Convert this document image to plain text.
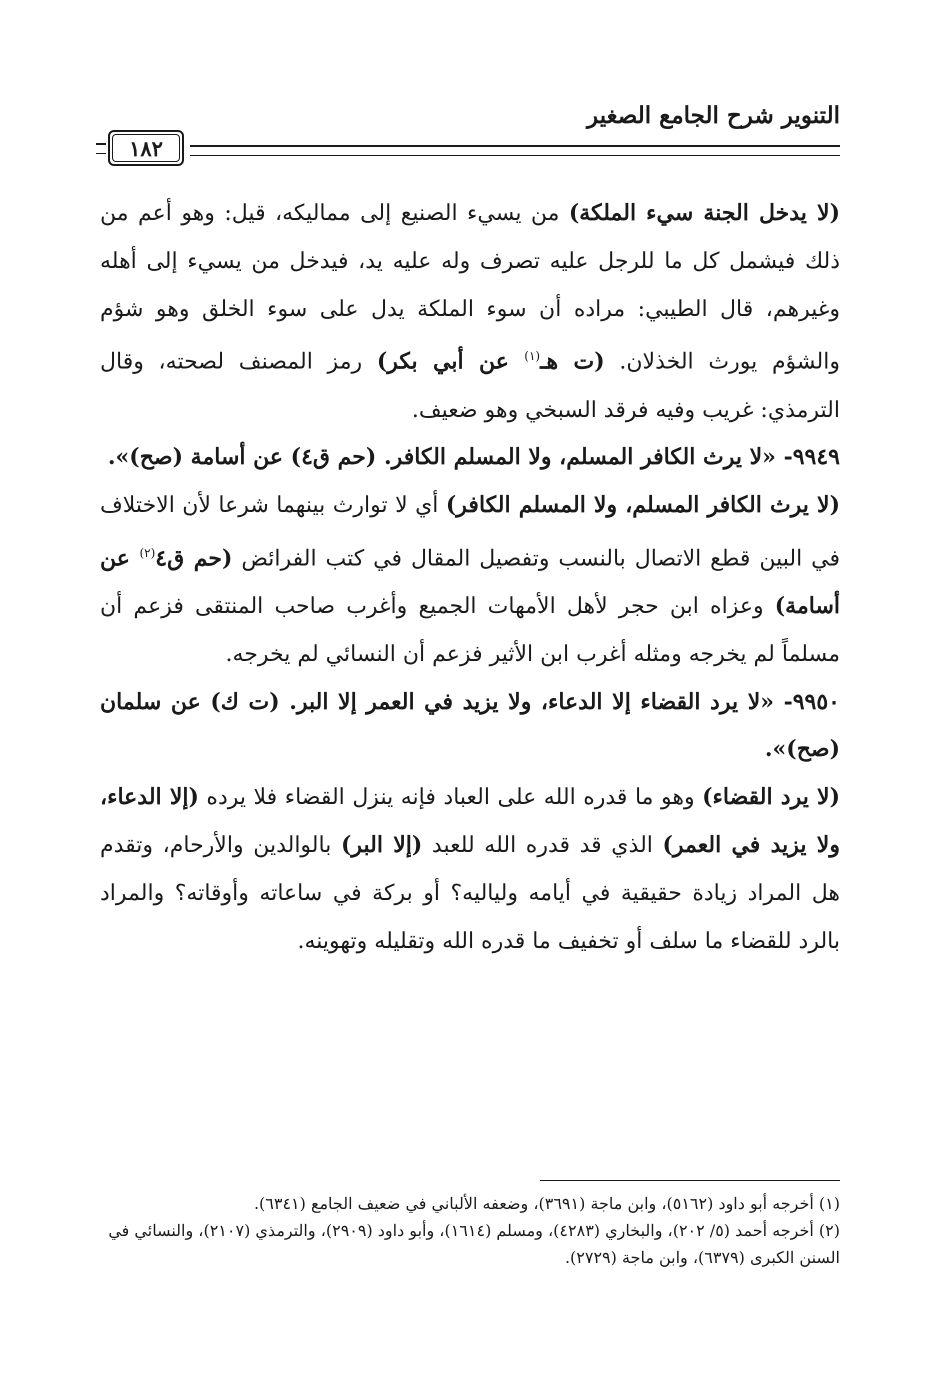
التنوير شرح الجامع الصغير
١٨٢

(لا يدخل الجنة سيء الملكة) من يسيء الصنيع إلى مماليكه، قيل: وهو أعم من ذلك فيشمل كل ما للرجل عليه تصرف وله عليه يد، فيدخل من يسيء إلى أهله وغيرهم، قال الطيبي: مراده أن سوء الملكة يدل على سوء الخلق وهو شؤم والشؤم يورث الخذلان. (ت هـ$^{(١)}$ عن أبي بكر) رمز المصنف لصحته، وقال الترمذي: غريب وفيه فرقد السبخي وهو ضعيف.

٩٩٤٩- «لا يرث الكافر المسلم، ولا المسلم الكافر. (حم ق٤) عن أسامة (صح)».

(لا يرث الكافر المسلم، ولا المسلم الكافر) أي لا توارث بينهما شرعا لأن الاختلاف في البين قطع الاتصال بالنسب وتفصيل المقال في كتب الفرائض (حم ق٤$^{(٢)}$ عن أسامة) وعزاه ابن حجر لأهل الأمهات الجميع وأغرب صاحب المنتقى فزعم أن مسلماً لم يخرجه ومثله أغرب ابن الأثير فزعم أن النسائي لم يخرجه.

٩٩٥٠- «لا يرد القضاء إلا الدعاء، ولا يزيد في العمر إلا البر. (ت ك) عن سلمان (صح)».

(لا يرد القضاء) وهو ما قدره الله على العباد فإنه ينزل القضاء فلا يرده (إلا الدعاء، ولا يزيد في العمر) الذي قد قدره الله للعبد (إلا البر) بالوالدين والأرحام، وتقدم هل المراد زيادة حقيقية في أيامه ولياليه؟ أو بركة في ساعاته وأوقاته؟ والمراد بالرد للقضاء ما سلف أو تخفيف ما قدره الله وتقليله وتهوينه.

(١) أخرجه أبو داود (٥١٦٢)، وابن ماجة (٣٦٩١)، وضعفه الألباني في ضعيف الجامع (٦٣٤١).

(٢) أخرجه أحمد (٥/ ٢٠٢)، والبخاري (٤٢٨٣)، ومسلم (١٦١٤)، وأبو داود (٢٩٠٩)، والترمذي (٢١٠٧)، والنسائي في السنن الكبرى (٦٣٧٩)، وابن ماجة (٢٧٢٩).
